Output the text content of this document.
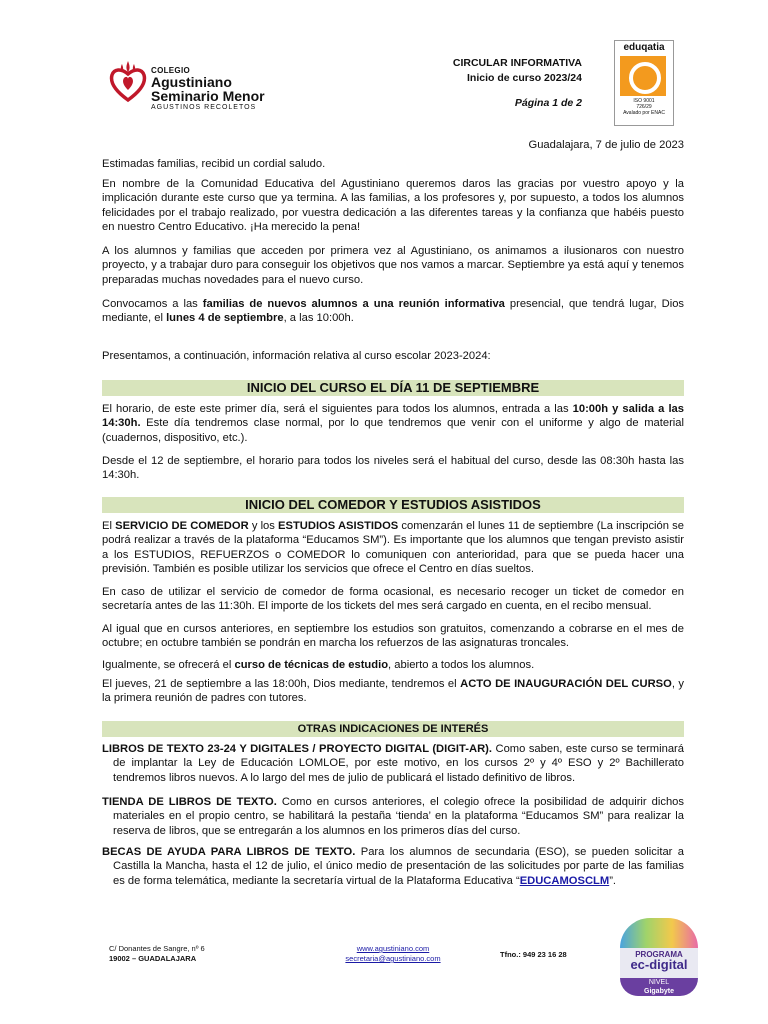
COLEGIO
Agustiniano
Seminario Menor
AGUSTINOS RECOLETOS
CIRCULAR INFORMATIVA
Inicio de curso 2023/24
Página 1 de 2
eduqatia
ISO 9001
726/29
Avalado por ENAC
Guadalajara, 7 de julio de 2023
Estimadas familias, recibid un cordial saludo.
En nombre de la Comunidad Educativa del Agustiniano queremos daros las gracias por vuestro apoyo y la implicación durante este curso que ya termina. A las familias, a los profesores y, por supuesto, a todos los alumnos felicidades por el trabajo realizado, por vuestra dedicación a las diferentes tareas y la confianza que habéis puesto en nuestro Centro Educativo. ¡Ha merecido la pena!
A los alumnos y familias que acceden por primera vez al Agustiniano, os animamos a ilusionaros con nuestro proyecto, y a trabajar duro para conseguir los objetivos que nos vamos a marcar. Septiembre ya está aquí y tenemos preparadas muchas novedades para el nuevo curso.
Convocamos a las familias de nuevos alumnos a una reunión informativa presencial, que tendrá lugar, Dios mediante, el lunes 4 de septiembre, a las 10:00h.
Presentamos, a continuación, información relativa al curso escolar 2023-2024:
INICIO DEL CURSO EL DÍA 11 DE SEPTIEMBRE
El horario, de este este primer día, será el siguientes para todos los alumnos, entrada a las 10:00h y salida a las 14:30h. Este día tendremos clase normal, por lo que tendremos que venir con el uniforme y algo de material (cuadernos, dispositivo, etc.).
Desde el 12 de septiembre, el horario para todos los niveles será el habitual del curso, desde las 08:30h hasta las 14:30h.
INICIO DEL COMEDOR Y ESTUDIOS ASISTIDOS
El SERVICIO DE COMEDOR y los ESTUDIOS ASISTIDOS comenzarán el lunes 11 de septiembre (La inscripción se podrá realizar a través de la plataforma “Educamos SM”). Es importante que los alumnos que tengan previsto asistir a los ESTUDIOS, REFUERZOS o COMEDOR lo comuniquen con anterioridad, para que se pueda hacer una previsión. También es posible utilizar los servicios que ofrece el Centro en días sueltos.
En caso de utilizar el servicio de comedor de forma ocasional, es necesario recoger un ticket de comedor en secretaría antes de las 11:30h. El importe de los tickets del mes será cargado en cuenta, en el recibo mensual.
Al igual que en cursos anteriores, en septiembre los estudios son gratuitos, comenzando a cobrarse en el mes de octubre; en octubre también se pondrán en marcha los refuerzos de las asignaturas troncales.
Igualmente, se ofrecerá el curso de técnicas de estudio, abierto a todos los alumnos.
El jueves, 21 de septiembre a las 18:00h, Dios mediante, tendremos el ACTO DE INAUGURACIÓN DEL CURSO, y la primera reunión de padres con tutores.
OTRAS INDICACIONES DE INTERÉS
LIBROS DE TEXTO 23-24 Y DIGITALES / PROYECTO DIGITAL (DIGIT-AR). Como saben, este curso se terminará de implantar la Ley de Educación LOMLOE, por este motivo, en los cursos 2º y 4º ESO y 2º Bachillerato tendremos libros nuevos. A lo largo del mes de julio de publicará el listado definitivo de libros.
TIENDA DE LIBROS DE TEXTO. Como en cursos anteriores, el colegio ofrece la posibilidad de adquirir dichos materiales en el propio centro, se habilitará la pestaña ‘tienda’ en la plataforma “Educamos SM” para realizar la reserva de libros, que se entregarán a los alumnos en los primeros días del curso.
BECAS DE AYUDA PARA LIBROS DE TEXTO. Para los alumnos de secundaria (ESO), se pueden solicitar a Castilla la Mancha, hasta el 12 de julio, el único medio de presentación de las solicitudes por parte de las familias es de forma telemática, mediante la secretaría virtual de la Plataforma Educativa “EDUCAMOSCLM”.
C/ Donantes de Sangre, nº 6
19002 – GUADALAJARA
www.agustiniano.com
secretaria@agustiniano.com	Tfno.: 949 23 16 28	PROGRAMA
ec-digital
NIVEL
Gigabyte
